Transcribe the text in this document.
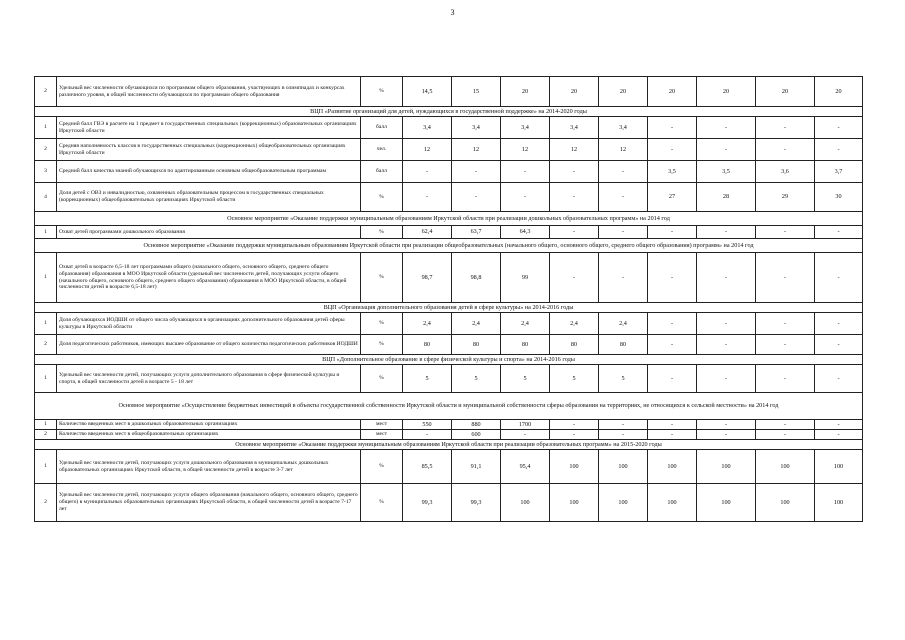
3
2	Удельный вес численности обучающихся по программам общего образования, участвующих в олимпиадах и конкурсах различного уровня, в общей численности обучающихся по программам общего образования	%	14,5	15	20	20	20	20	20	20	20
ВЦП «Развитие организаций для детей, нуждающихся в государственной поддержке» на 2014-2020 годы											
1	Средний балл ГВЭ в расчете на 1 предмет в государственных специальных (коррекционных) образовательных организациях Иркутской области	балл	3,4	3,4	3,4	3,4	3,4	-	-	-	-
2	Средняя наполняемость классов в государственных специальных (коррекционных) общеобразовательных организациях Иркутской области	чел.	12	12	12	12	12	-	-	-	-
3	Средний балл качества знаний обучающихся по адаптированным основным общеобразовательным программам	балл	-	-	-	-	-	3,5	3,5	3,6	3,7
4	Доля детей с ОВЗ и инвалидностью, охваченных образовательным процессом в государственных специальных (коррекционных) общеобразовательных организациях Иркутской области	%	-	-	-	-	-	27	28	29	30
Основное мероприятие «Оказание поддержки муниципальным образованиям Иркутской области при реализации дошкольных образовательных программ» на 2014 год											
1	Охват детей программами дошкольного образования	%	62,4	63,7	64,3	-	-	-	-	-	-
Основное мероприятие «Оказание поддержки муниципальным образованиям Иркутской области при реализации общеобразовательных (начального общего, основного общего, среднего общего образования) программ» на 2014 год											
1	Охват детей в возрасте 6,5-18 лет программами общего (начального общего, основного общего, среднего общего образования) образования в МОО Иркутской области (удельный вес численности детей, получающих услуги общего (начального общего, основного общего, среднего общего образования) образования в МОО Иркутской области, в общей численности детей в возрасте 6,5-18 лет)	%	98,7	98,8	99	-	-	-	-	-	-
ВЦП «Организация дополнительного образования детей в сфере культуры» на 2014-2016 годы											
1	Доля обучающихся ИОДШИ от общего числа обучающихся в организациях дополнительного образования детей сферы культуры в Иркутской области	%	2,4	2,4	2,4	2,4	2,4	-	-	-	-
2	Доля педагогических работников, имеющих высшее образование от общего количества педагогических работников ИОДШИ	%	80	80	80	80	80	-	-	-	-
ВЦП «Дополнительное образование в сфере физической культуры и спорта» на 2014-2016 годы											
1	Удельный вес численности детей, получающих услуги дополнительного образования в сфере физической культуры и спорта, в общей численности детей в возрасте 5 - 18 лет	%	5	5	5	5	5	-	-	-	-
Основное мероприятие «Осуществление бюджетных инвестиций в объекты государственной собственности Иркутской области и муниципальной собственности сферы образования на территориях, не относящихся к сельской местности» на 2014 год											
1	Количество введенных мест в дошкольных образовательных организациях	мест	550	880	1700	-	-	-	-	-	-
2	Количество введенных мест в общеобразовательных организациях	мест	-	600	-	-	-	-	-	-	-
Основное мероприятие «Оказание поддержки муниципальным образованиям Иркутской области при реализации образовательных программ» на 2015-2020 годы											
1	Удельный вес численности детей, получающих услуги дошкольного образования в муниципальных дошкольных образовательных организациях Иркутской области, в общей численности детей в возрасте 3-7 лет	%	85,5	91,1	95,4	100	100	100	100	100	100
2	Удельный вес численности детей, получающих услуги общего образования (начального общего, основного общего, среднего общего) в муниципальных образовательных организациях Иркутской области, в общей численности детей в возрасте 7-17 лет	%	99,3	99,3	100	100	100	100	100	100	100
